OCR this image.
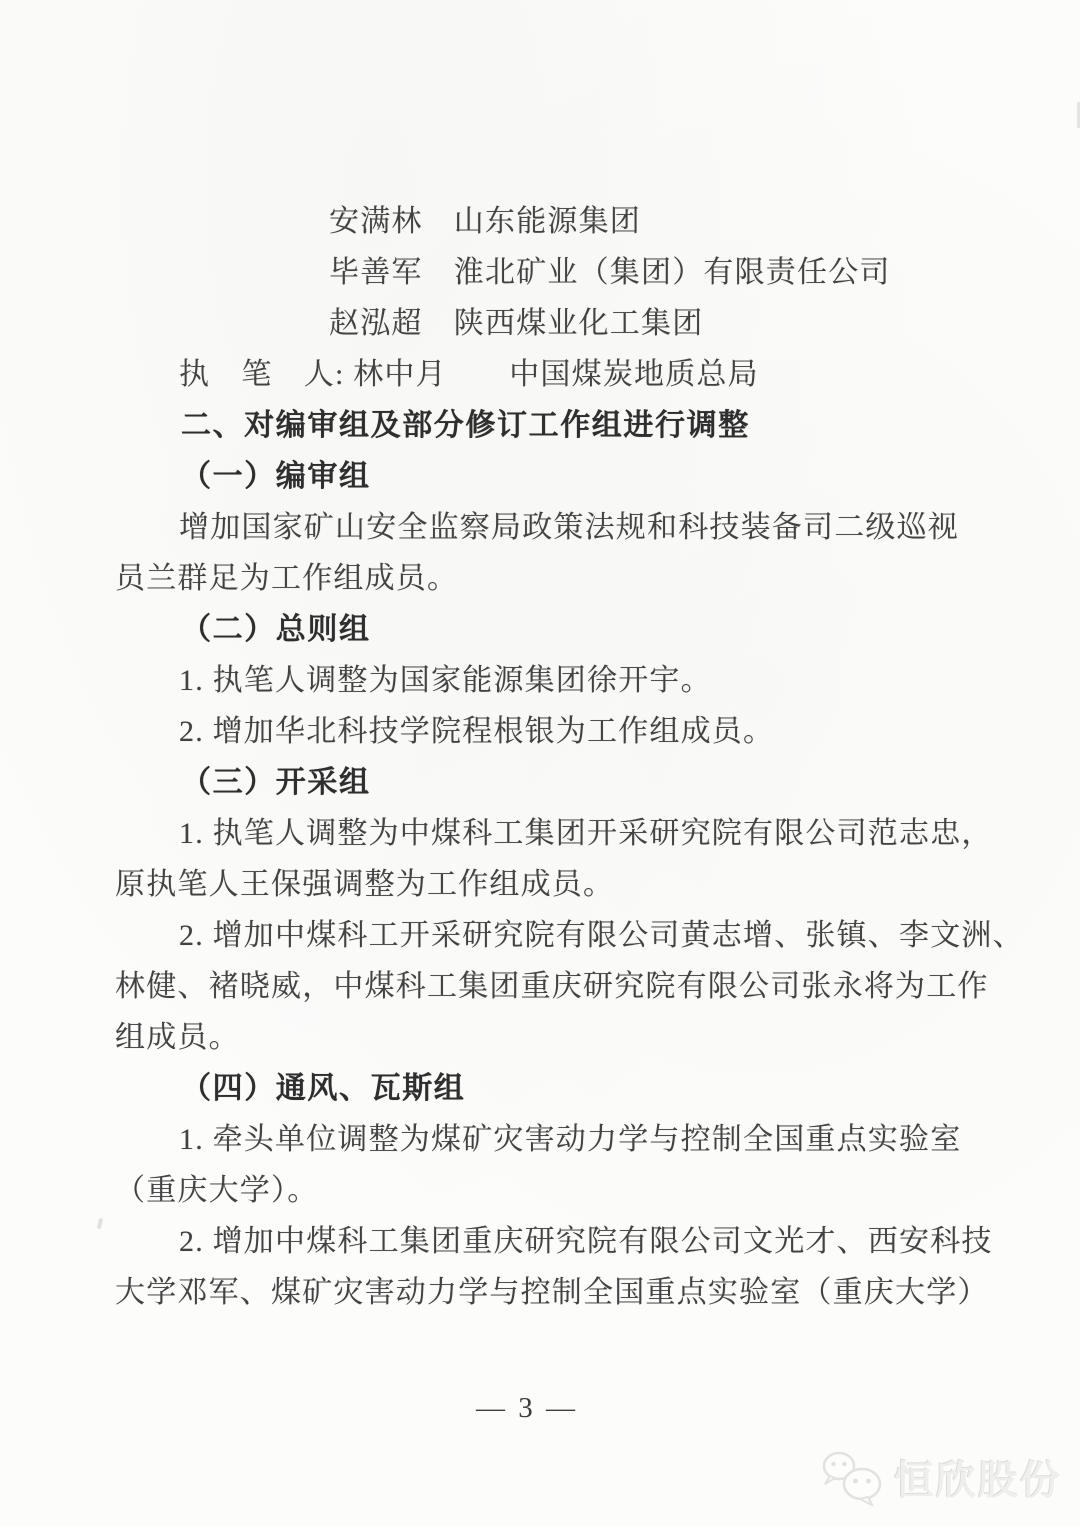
安满林　山东能源集团
毕善军　淮北矿业（集团）有限责任公司
赵泓超　陕西煤业化工集团
执　笔　人: 林中月　　中国煤炭地质总局
二、对编审组及部分修订工作组进行调整
（一）编审组
增加国家矿山安全监察局政策法规和科技装备司二级巡视
员兰群足为工作组成员。
（二）总则组
1. 执笔人调整为国家能源集团徐开宇。
2. 增加华北科技学院程根银为工作组成员。
（三）开采组
1. 执笔人调整为中煤科工集团开采研究院有限公司范志忠，
原执笔人王保强调整为工作组成员。
2. 增加中煤科工开采研究院有限公司黄志增、张镇、李文洲、
林健、褚晓威，中煤科工集团重庆研究院有限公司张永将为工作
组成员。
（四）通风、瓦斯组
1. 牵头单位调整为煤矿灾害动力学与控制全国重点实验室
（重庆大学）。
2. 增加中煤科工集团重庆研究院有限公司文光才、西安科技
大学邓军、煤矿灾害动力学与控制全国重点实验室（重庆大学）
— 3 —
恒欣股份
